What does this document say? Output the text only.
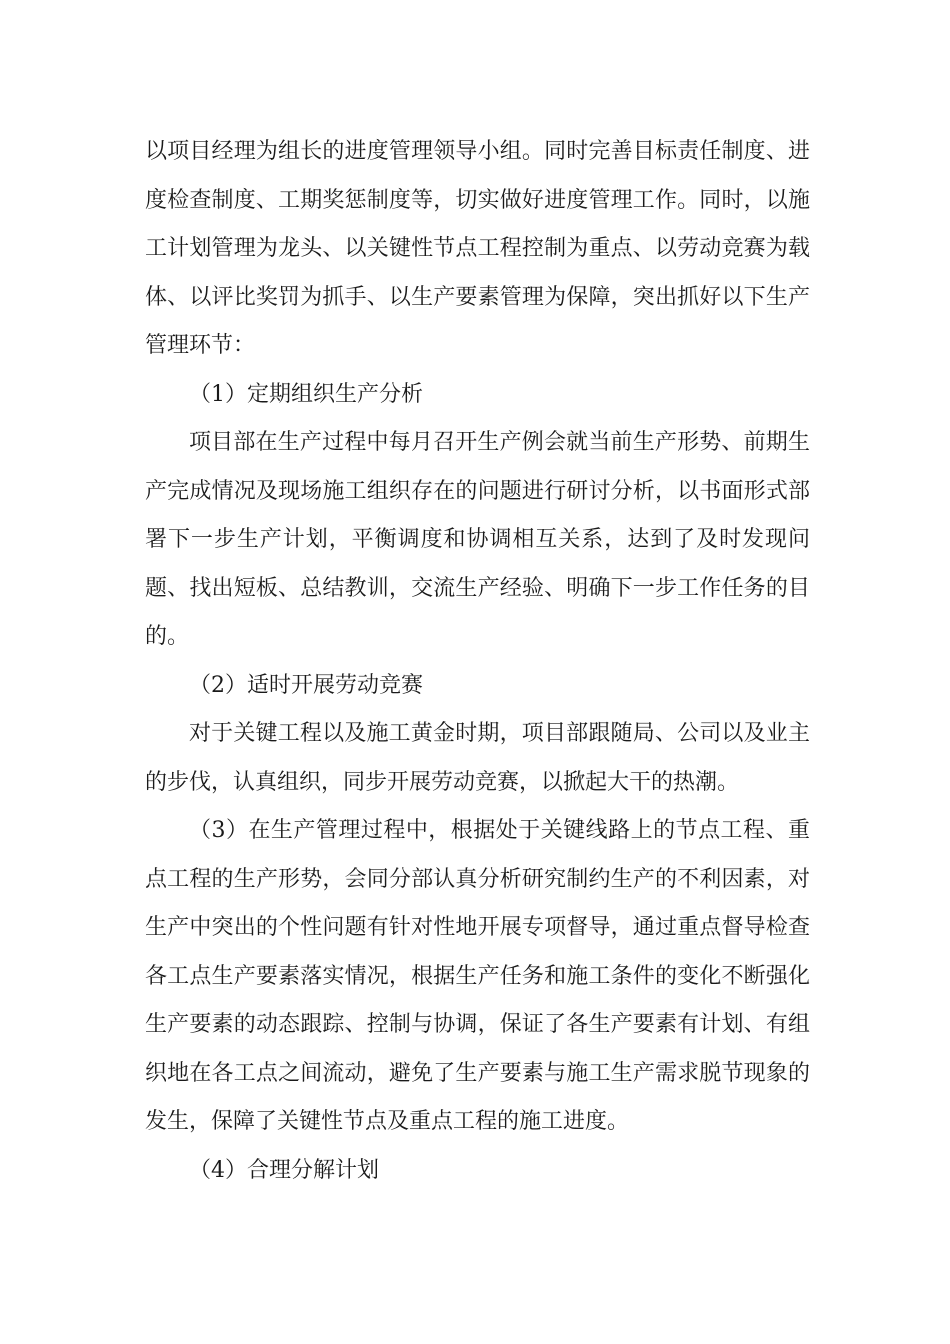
以项目经理为组长的进度管理领导小组。同时完善目标责任制度、进度检查制度、工期奖惩制度等，切实做好进度管理工作。同时，以施工计划管理为龙头、以关键性节点工程控制为重点、以劳动竞赛为载体、以评比奖罚为抓手、以生产要素管理为保障，突出抓好以下生产管理环节：

（1）定期组织生产分析

项目部在生产过程中每月召开生产例会就当前生产形势、前期生产完成情况及现场施工组织存在的问题进行研讨分析，以书面形式部署下一步生产计划，平衡调度和协调相互关系，达到了及时发现问题、找出短板、总结教训，交流生产经验、明确下一步工作任务的目的。

（2）适时开展劳动竞赛

对于关键工程以及施工黄金时期，项目部跟随局、公司以及业主的步伐，认真组织，同步开展劳动竞赛，以掀起大干的热潮。

（3）在生产管理过程中，根据处于关键线路上的节点工程、重点工程的生产形势，会同分部认真分析研究制约生产的不利因素，对生产中突出的个性问题有针对性地开展专项督导，通过重点督导检查各工点生产要素落实情况，根据生产任务和施工条件的变化不断强化生产要素的动态跟踪、控制与协调，保证了各生产要素有计划、有组织地在各工点之间流动，避免了生产要素与施工生产需求脱节现象的发生，保障了关键性节点及重点工程的施工进度。

（4）合理分解计划
